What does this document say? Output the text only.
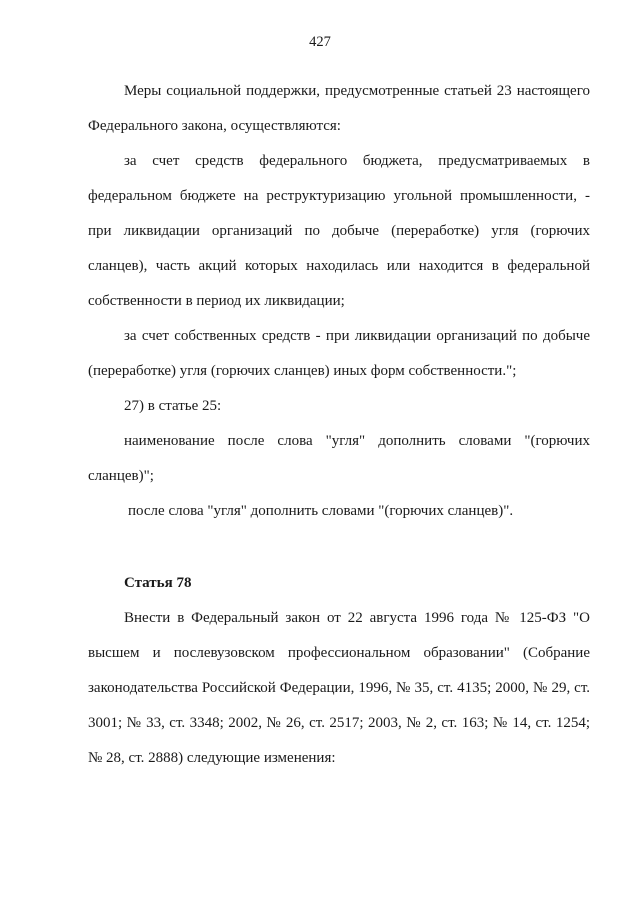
427

Меры социальной поддержки, предусмотренные статьей 23 настоящего Федерального закона, осуществляются:

за счет средств федерального бюджета, предусматриваемых в федеральном бюджете на реструктуризацию угольной промышленности, - при ликвидации организаций по добыче (переработке) угля (горючих сланцев), часть акций которых находилась или находится в федеральной собственности в период их ликвидации;

за счет собственных средств - при ликвидации организаций по добыче (переработке) угля (горючих сланцев) иных форм собственности.";

27) в статье 25:

наименование после слова "угля" дополнить словами "(горючих сланцев)";

после слова "угля" дополнить словами "(горючих сланцев)".

Статья 78

Внести в Федеральный закон от 22 августа 1996 года № 125-ФЗ "О высшем и послевузовском профессиональном образовании" (Собрание законодательства Российской Федерации, 1996, № 35, ст. 4135; 2000, № 29, ст. 3001; № 33, ст. 3348; 2002, № 26, ст. 2517; 2003, № 2, ст. 163; № 14, ст. 1254; № 28, ст. 2888) следующие изменения:
